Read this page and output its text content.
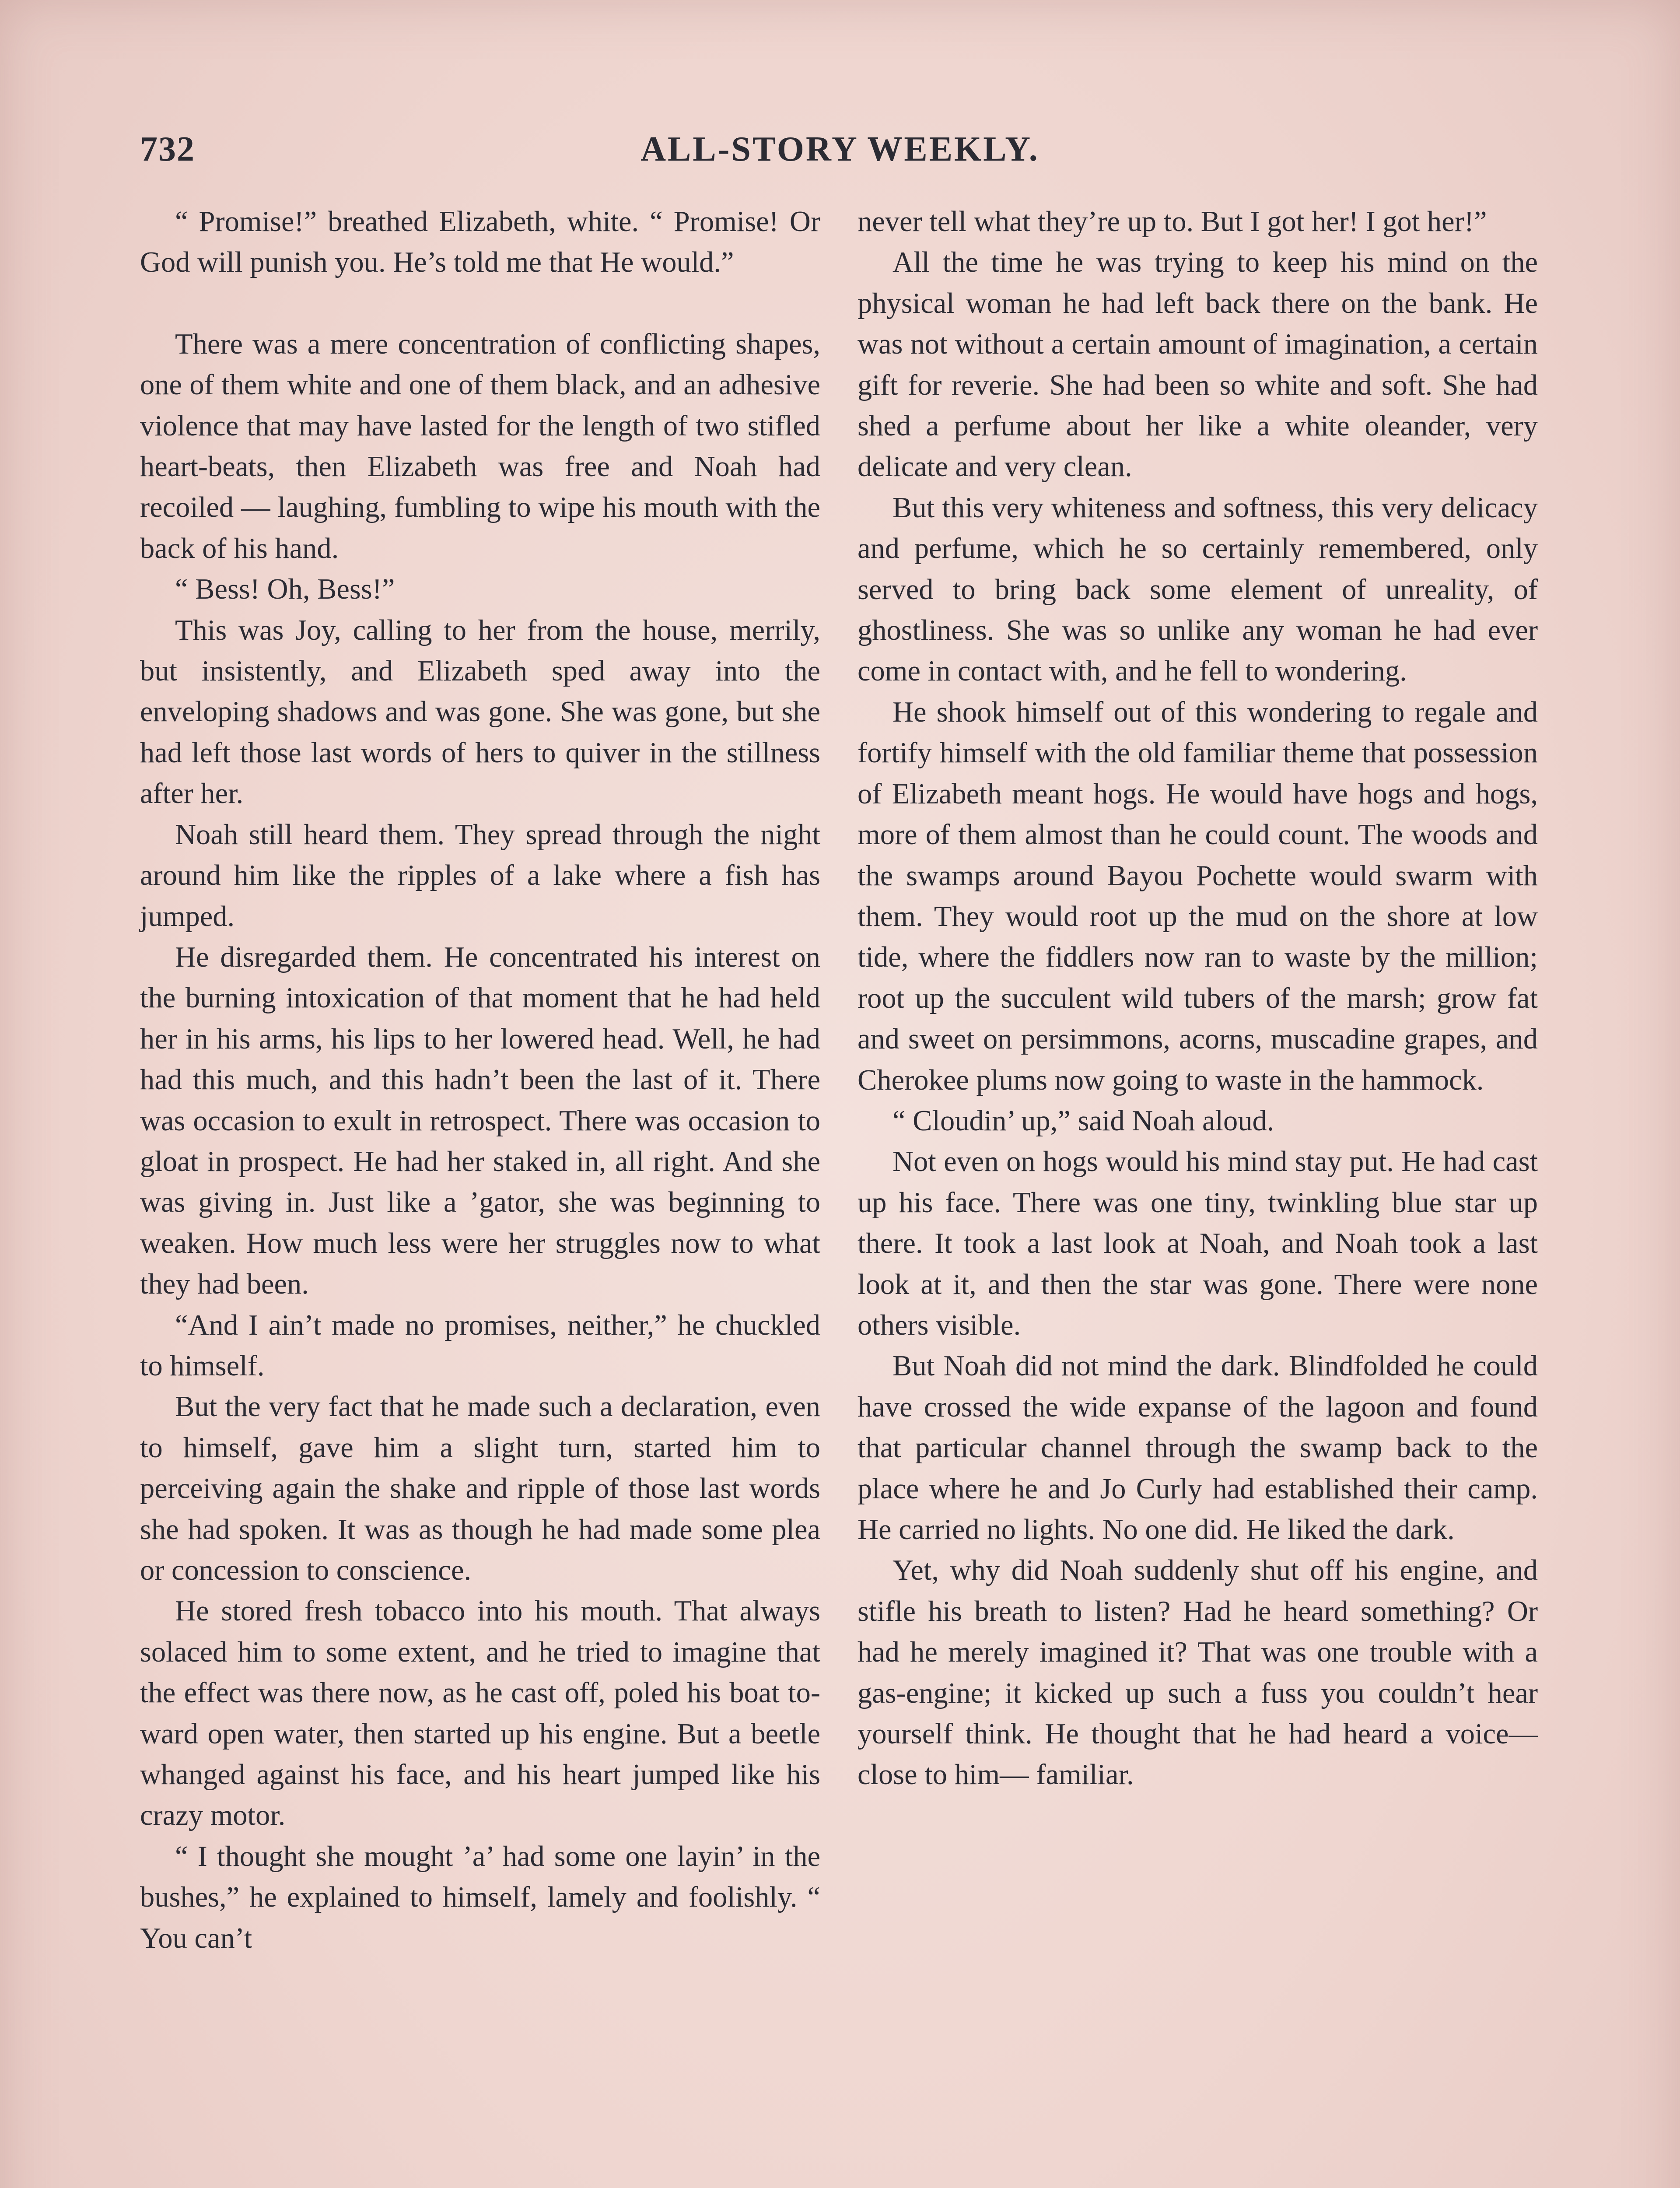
732	ALL-STORY WEEKLY.

“ Promise!” breathed Elizabeth, white. “ Promise! Or God will punish you. He’s told me that He would.”

There was a mere concentration of conflicting shapes, one of them white and one of them black, and an adhesive violence that may have lasted for the length of two stifled heart-beats, then Elizabeth was free and Noah had recoiled — laughing, fumbling to wipe his mouth with the back of his hand.

“ Bess! Oh, Bess!”

This was Joy, calling to her from the house, merrily, but insistently, and Elizabeth sped away into the enveloping shadows and was gone. She was gone, but she had left those last words of hers to quiver in the stillness after her.

Noah still heard them. They spread through the night around him like the ripples of a lake where a fish has jumped.

He disregarded them. He concentrated his interest on the burning intoxication of that moment that he had held her in his arms, his lips to her lowered head. Well, he had had this much, and this hadn’t been the last of it. There was occasion to exult in retrospect. There was occasion to gloat in prospect. He had her staked in, all right. And she was giving in. Just like a ’gator, she was beginning to weaken. How much less were her struggles now to what they had been.

“And I ain’t made no promises, neither,” he chuckled to himself.

But the very fact that he made such a declaration, even to himself, gave him a slight turn, started him to perceiving again the shake and ripple of those last words she had spoken. It was as though he had made some plea or concession to conscience.

He stored fresh tobacco into his mouth. That always solaced him to some extent, and he tried to imagine that the effect was there now, as he cast off, poled his boat toward open water, then started up his engine. But a beetle whanged against his face, and his heart jumped like his crazy motor.

“ I thought she mought ’a’ had some one layin’ in the bushes,” he explained to himself, lamely and foolishly. “ You can’t

never tell what they’re up to. But I got her! I got her!”

All the time he was trying to keep his mind on the physical woman he had left back there on the bank. He was not without a certain amount of imagination, a certain gift for reverie. She had been so white and soft. She had shed a perfume about her like a white oleander, very delicate and very clean.

But this very whiteness and softness, this very delicacy and perfume, which he so certainly remembered, only served to bring back some element of unreality, of ghostliness. She was so unlike any woman he had ever come in contact with, and he fell to wondering.

He shook himself out of this wondering to regale and fortify himself with the old familiar theme that possession of Elizabeth meant hogs. He would have hogs and hogs, more of them almost than he could count. The woods and the swamps around Bayou Pochette would swarm with them. They would root up the mud on the shore at low tide, where the fiddlers now ran to waste by the million; root up the succulent wild tubers of the marsh; grow fat and sweet on persimmons, acorns, muscadine grapes, and Cherokee plums now going to waste in the hammock.

“ Cloudin’ up,” said Noah aloud.

Not even on hogs would his mind stay put. He had cast up his face. There was one tiny, twinkling blue star up there. It took a last look at Noah, and Noah took a last look at it, and then the star was gone. There were none others visible.

But Noah did not mind the dark. Blindfolded he could have crossed the wide expanse of the lagoon and found that particular channel through the swamp back to the place where he and Jo Curly had established their camp. He carried no lights. No one did. He liked the dark.

Yet, why did Noah suddenly shut off his engine, and stifle his breath to listen? Had he heard something? Or had he merely imagined it? That was one trouble with a gas-engine; it kicked up such a fuss you couldn’t hear yourself think. He thought that he had heard a voice—close to him— familiar.
